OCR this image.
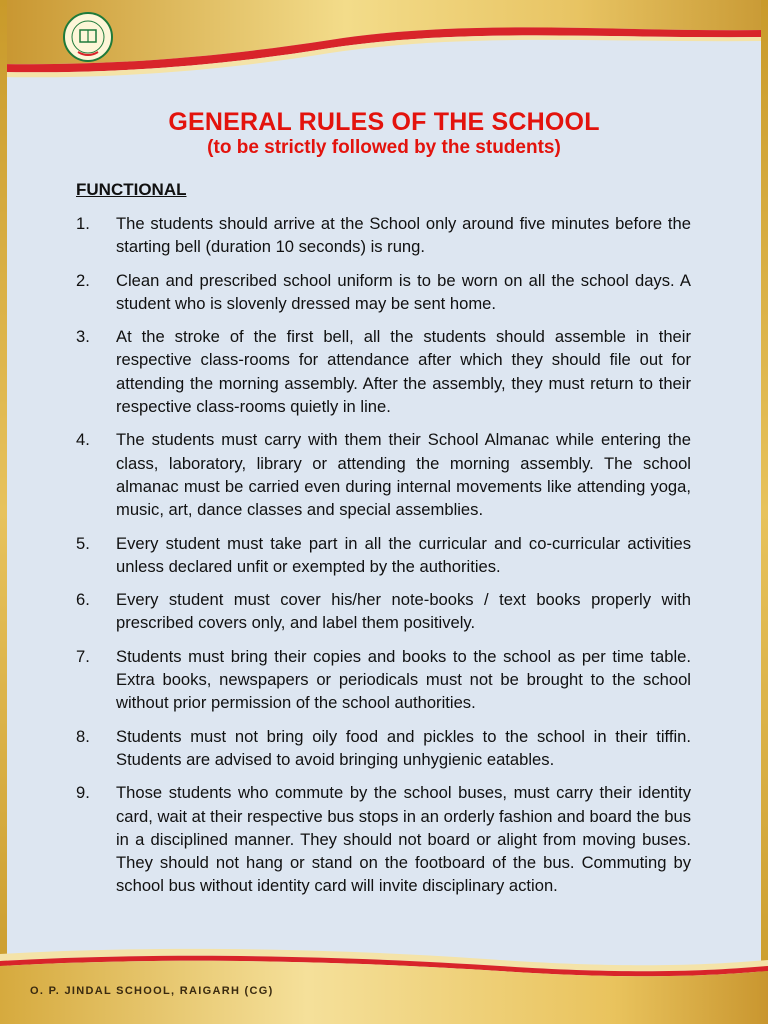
GENERAL RULES OF THE SCHOOL
(to be strictly followed by the students)
FUNCTIONAL
1. The students should arrive at the School only around five minutes before the starting bell (duration 10 seconds) is rung.
2. Clean and prescribed school uniform is to be worn on all the school days. A student who is slovenly dressed may be sent home.
3. At the stroke of the first bell, all the students should assemble in their respective class-rooms for attendance after which they should file out for attending the morning assembly. After the assembly, they must return to their respective class-rooms quietly in line.
4. The students must carry with them their School Almanac while entering the class, laboratory, library or attending the morning assembly. The school almanac must be carried even during internal movements like attending yoga, music, art, dance classes and special assemblies.
5. Every student must take part in all the curricular and co-curricular activities unless declared unfit or exempted by the authorities.
6. Every student must cover his/her note-books / text books properly with prescribed covers only, and label them positively.
7. Students must bring their copies and books to the school as per time table. Extra books, newspapers or periodicals must not be brought to the school without prior permission of the school authorities.
8. Students must not bring oily food and pickles to the school in their tiffin. Students are advised to avoid bringing unhygienic eatables.
9. Those students who commute by the school buses, must carry their identity card, wait at their respective bus stops in an orderly fashion and board the bus in a disciplined manner. They should not board or alight from moving buses. They should not hang or stand on the footboard of the bus. Commuting by school bus without identity card will invite disciplinary action.
O. P. JINDAL SCHOOL, RAIGARH (CG)
